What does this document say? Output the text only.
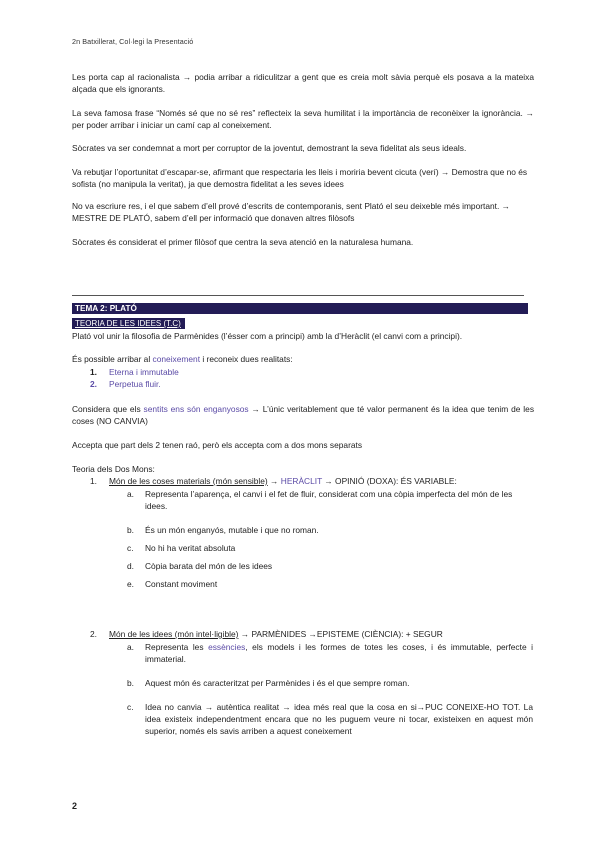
2n Batxillerat, Col·legi la Presentació

Les porta cap al racionalista → podia arribar a ridiculitzar a gent que es creia molt sàvia perquè els posava a la mateixa alçada que els ignorants.

La seva famosa frase “Només sé que no sé res” reflecteix la seva humilitat i la importància de reconèixer la ignorància. → per poder arribar i iniciar un camí cap al coneixement.

Sòcrates va ser condemnat a mort per corruptor de la joventut, demostrant la seva fidelitat als seus ideals.

Va rebutjar l’oportunitat d’escapar-se, afirmant que respectaria les lleis i moriria bevent cicuta (verí) → Demostra que no és sofista (no manipula la veritat), ja que demostra fidelitat a les seves idees

No va escriure res, i el que sabem d’ell prové d’escrits de contemporanis, sent Plató el seu deixeble més important. → MESTRE DE PLATÓ, sabem d’ell per informació que donaven altres filòsofs

Sòcrates és considerat el primer filòsof que centra la seva atenció en la naturalesa humana.

TEMA 2: PLATÓ
TEORIA DE LES IDEES (T.C)

Plató vol unir la filosofia de Parmènides (l’ésser com a principi) amb la d’Heràclit (el canvi com a principi).

És possible arribar al coneixement i reconeix dues realitats:

1. Eterna i immutable
2. Perpetua fluir.

Considera que els sentits ens són enganyosos → L’únic veritablement que té valor permanent és la idea que tenim de les coses (NO CANVIA)

Accepta que part dels 2 tenen raó, però els accepta com a dos mons separats

Teoria dels Dos Mons:

1. Món de les coses materials (món sensible) → HERÀCLIT → OPINIÓ (DOXA): ÉS VARIABLE:
a. Representa l’aparença, el canvi i el fet de fluir, considerat com una còpia imperfecta del món de les idees.
b. És un món enganyós, mutable i que no roman.
c. No hi ha veritat absoluta
d. Còpia barata del món de les idees
e. Constant moviment
2. Món de les idees (món intel·ligible) → PARMÈNIDES →EPISTEME (CIÈNCIA): + SEGUR
a. Representa les essències, els models i les formes de totes les coses, i és immutable, perfecte i immaterial.
b. Aquest món és caracteritzat per Parmènides i és el que sempre roman.
c. Idea no canvia → autèntica realitat → idea més real que la cosa en si→PUC CONEIXE-HO TOT. La idea existeix independentment encara que no les puguem veure ni tocar, existeixen en aquest món superior, només els savis arriben a aquest coneixement
2
